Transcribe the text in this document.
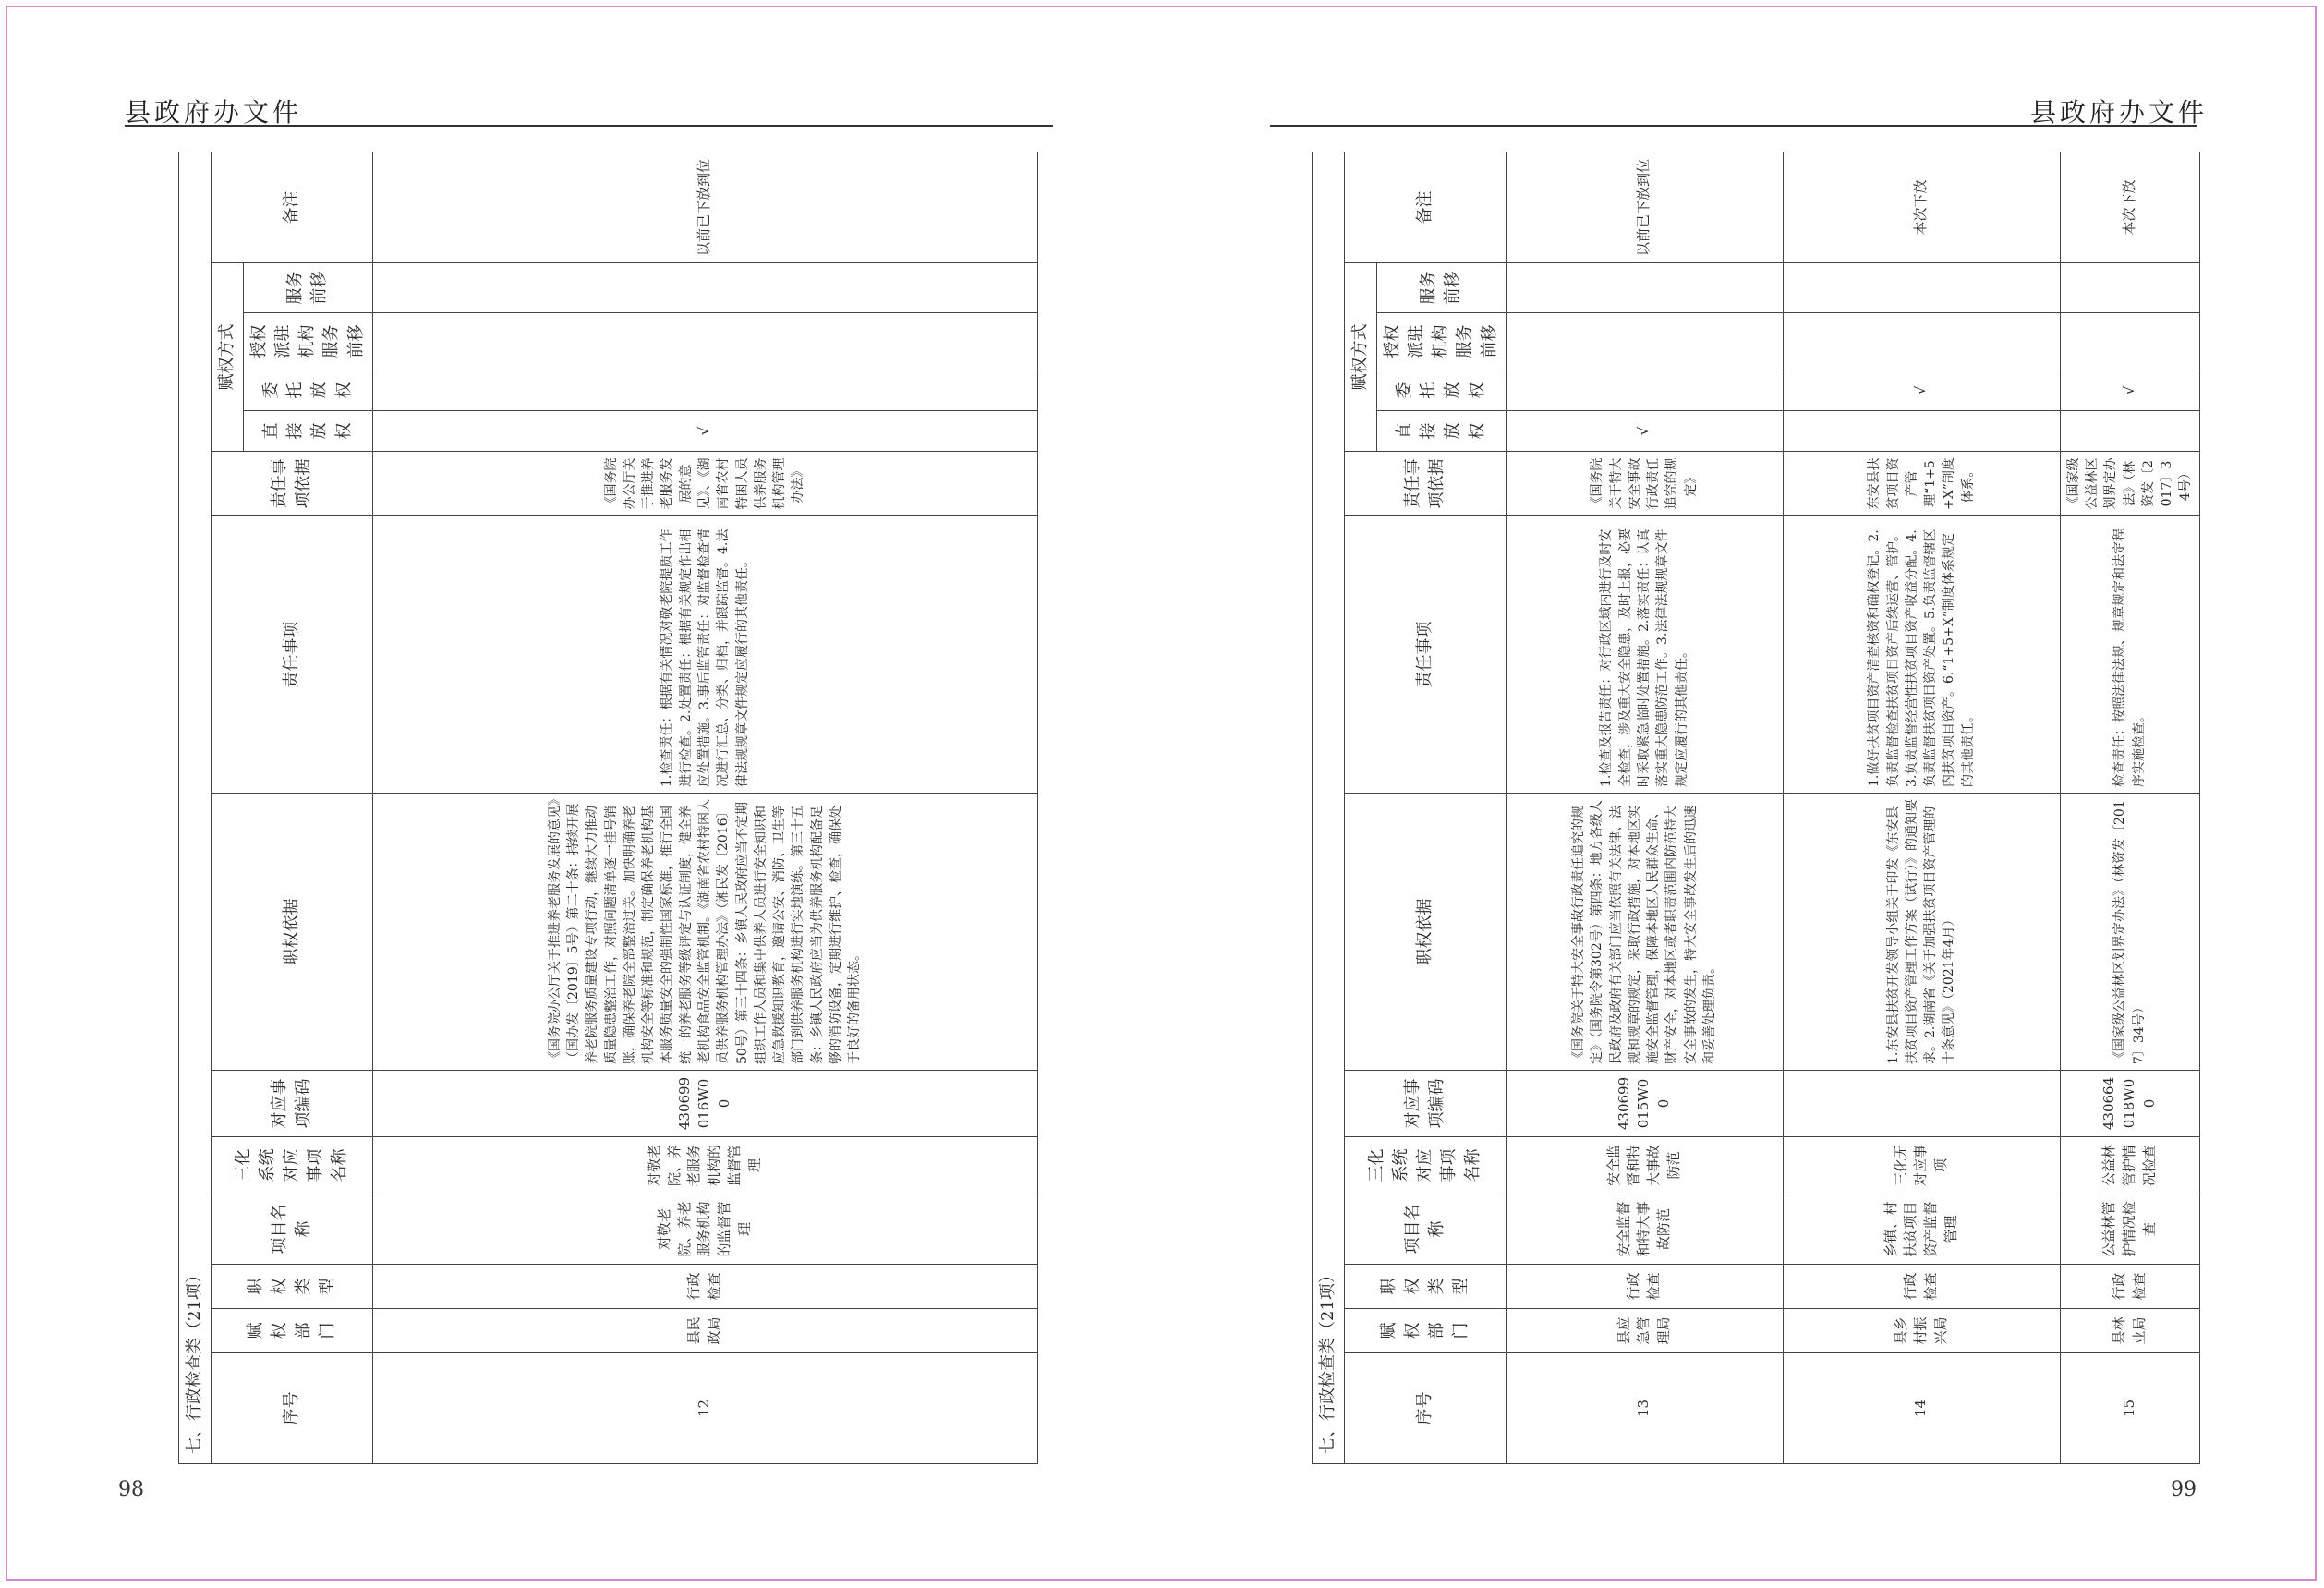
县政府办文件
七、行政检查类（21项）													
序号	赋权部门	职权类型	项目名称	三化系统对应事项名称	对应事项编码	职权依据	责任事项	责任事项依据	赋权方式				备注
									直接放权	委托放权	授权派驻机构服务前移	服务前移	
12	县民政局	行政检查	对敬老院、养老服务机构的监督管理	对敬老院、养老服务机构的监督管理	430699016W00	《国务院办公厅关于推进养老服务发展的意见》（国办发〔2019〕5号）第二十条：持续开展养老院服务质量建设专项行动，继续大力推动质量隐患整治工作，对照问题清单逐一挂号销账，确保养老院全部整治过关。加快明确养老机构安全等标准和规范，制定确保养老机构基本服务质量安全的强制性国家标准，推行全国统一的养老服务等级评定与认证制度，健全养老机构食品安全监管机制。《湖南省农村特困人员供养服务机构管理办法》（湘民发〔2016〕50号）第三十四条：乡镇人民政府应当不定期组织工作人员和集中供养人员进行安全知识和应急救援知识教育，邀请公安、消防、卫生等部门到供养服务机构进行实地演练。第三十五条：乡镇人民政府应当为供养服务机构配备足够的消防设备，定期进行维护、检查，确保处于良好的备用状态。	1.检查责任：根据有关情况对敬老院提质工作进行检查。2.处置责任：根据有关规定作出相应处置措施。3.事后监管责任：对监督检查情况进行汇总、分类、归档，并跟踪监督。4.法律法规规章文件规定应履行的其他责任。	《国务院办公厅关于推进养老服务发展的意见》、《湖南省农村特困人员供养服务机构管理办法》	√				以前已下放到位
98
县政府办文件
七、行政检查类（21项）													
序号	赋权部门	职权类型	项目名称	三化系统对应事项名称	对应事项编码	职权依据	责任事项	责任事项依据	赋权方式				备注
									直接放权	委托放权	授权派驻机构服务前移	服务前移	
13	县应急管理局	行政检查	安全监督和特大事故防范	安全监督和特大事故防范	430699015W00	《国务院关于特大安全事故行政责任追究的规定》（国务院令第302号）第四条：地方各级人民政府及政府有关部门应当依照有关法律、法规和规章的规定，采取行政措施，对本地区实施安全监督管理，保障本地区人民群众生命、财产安全，对本地区或者职责范围内防范特大安全事故的发生，特大安全事故发生后的迅速和妥善处理负责。	1.检查及报告责任：对行政区域内进行及时安全检查，涉及重大安全隐患，及时上报，必要时采取紧急临时处置措施。2.落实责任：认真落实重大隐患防范工作。3.法律法规规章文件规定应履行的其他责任。	《国务院关于特大安全事故行政责任追究的规定》	√				以前已下放到位
14	县乡村振兴局	行政检查	乡镇、村扶贫项目资产监督管理	三化无对应事项		1.东安县扶贫开发领导小组关于印发《东安县扶贫项目资产管理工作方案（试行）》的通知要求。2.湖南省《关于加强扶贫项目资产管理的十条意见》（2021年4月）	1.做好扶贫项目资产清查核资和确权登记。2.负责监督检查扶贫项目资产后续运营、管护。3.负责监督经营性扶贫项目资产收益分配。4.负责监督扶贫项目资产处置。5.负责监督辖区内扶贫项目资产。6.“1+5+X”制度体系规定的其他责任。	东安县扶贫项目资产管理“1+5+X”制度体系。		√			本次下放
15	县林业局	行政检查	公益林管护情况检查	公益林管护情况检查	430664018W00	《国家级公益林区划界定办法》（林资发〔2017〕34号）	检查责任：按照法律法规、规章规定和法定程序实施检查。	《国家级公益林区划界定办法》（林资发〔2017〕34号）		√			本次下放
99
